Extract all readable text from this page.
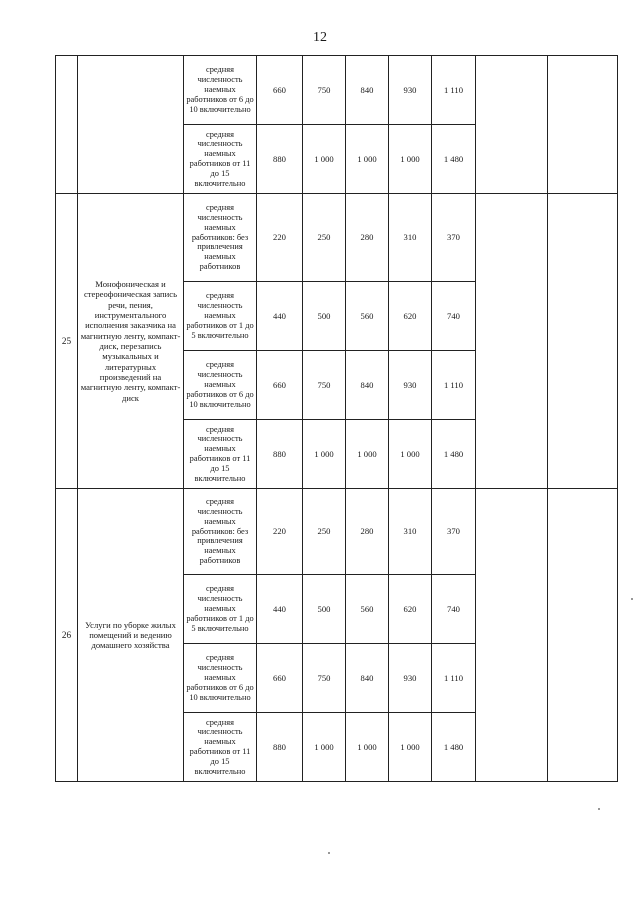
12
		средняя численность наемных работников от 6 до 10 включительно	660	750	840	930	1 110		
		средняя численность наемных работников от 11 до 15 включительно	880	1 000	1 000	1 000	1 480		
25	Монофоническая и стереофоническая запись речи, пения, инструментального исполнения заказчика на магнитную ленту, компакт-диск, перезапись музыкальных и литературных произведений на магнитную ленту, компакт-диск	средняя численность наемных работников: без привлечения наемных работников	220	250	280	310	370		
		средняя численность наемных работников от 1 до 5 включительно	440	500	560	620	740		
		средняя численность наемных работников от 6 до 10 включительно	660	750	840	930	1 110		
		средняя численность наемных работников от 11 до 15 включительно	880	1 000	1 000	1 000	1 480		
26	Услуги по уборке жилых помещений и ведению домашнего хозяйства	средняя численность наемных работников: без привлечения наемных работников	220	250	280	310	370		
		средняя численность наемных работников от 1 до 5 включительно	440	500	560	620	740		
		средняя численность наемных работников от 6 до 10 включительно	660	750	840	930	1 110		
		средняя численность наемных работников от 11 до 15 включительно	880	1 000	1 000	1 000	1 480		
